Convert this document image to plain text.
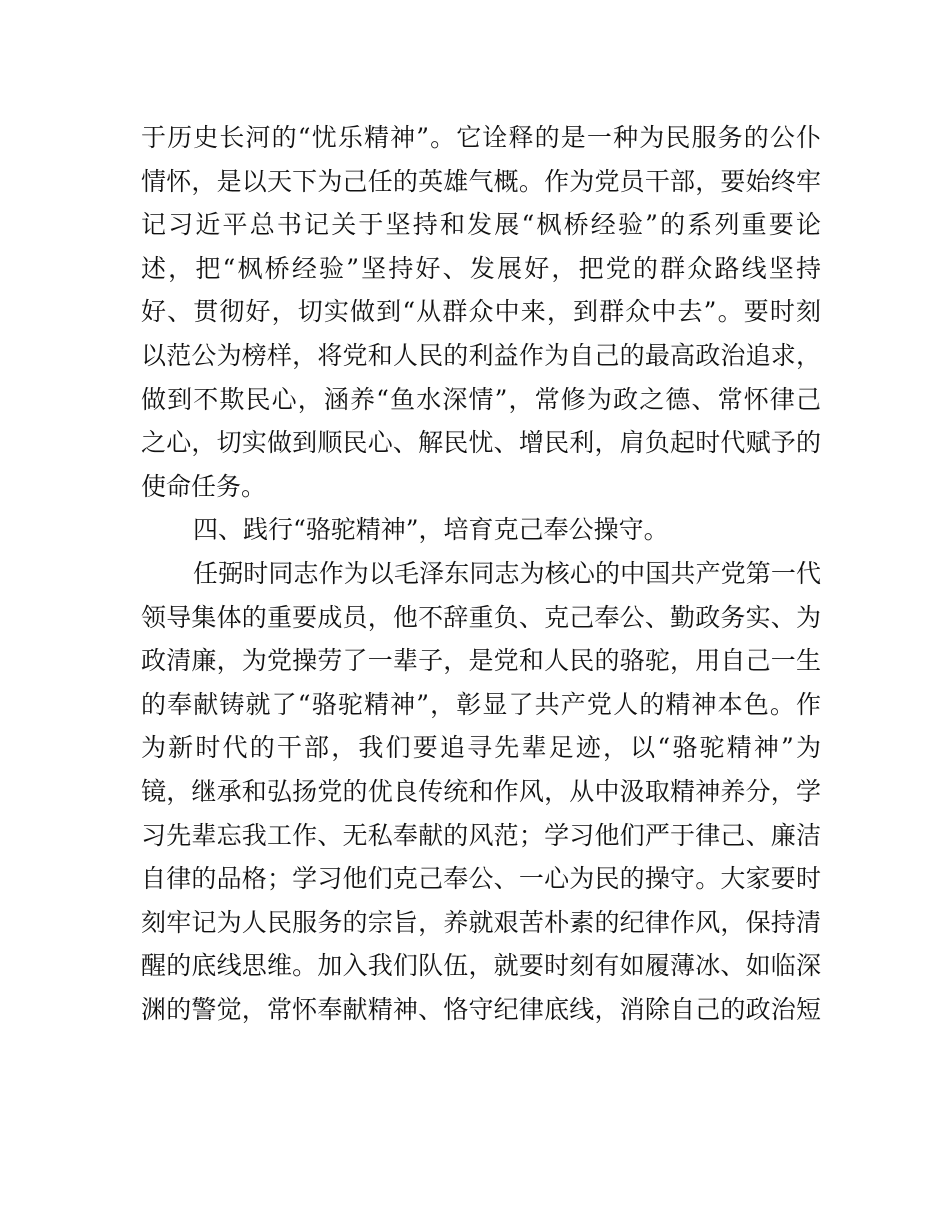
于历史长河的“忧乐精神”。它诠释的是一种为民服务的公仆
情怀，是以天下为己任的英雄气概。作为党员干部，要始终牢
记习近平总书记关于坚持和发展“枫桥经验”的系列重要论
述，把“枫桥经验”坚持好、发展好，把党的群众路线坚持
好、贯彻好，切实做到“从群众中来，到群众中去”。要时刻
以范公为榜样，将党和人民的利益作为自己的最高政治追求，
做到不欺民心，涵养“鱼水深情”，常修为政之德、常怀律己
之心，切实做到顺民心、解民忧、增民利，肩负起时代赋予的
使命任务。
四、践行“骆驼精神”，培育克己奉公操守。
任弼时同志作为以毛泽东同志为核心的中国共产党第一代
领导集体的重要成员，他不辞重负、克己奉公、勤政务实、为
政清廉，为党操劳了一辈子，是党和人民的骆驼，用自己一生
的奉献铸就了“骆驼精神”，彰显了共产党人的精神本色。作
为新时代的干部，我们要追寻先辈足迹，以“骆驼精神”为
镜，继承和弘扬党的优良传统和作风，从中汲取精神养分，学
习先辈忘我工作、无私奉献的风范；学习他们严于律己、廉洁
自律的品格；学习他们克己奉公、一心为民的操守。大家要时
刻牢记为人民服务的宗旨，养就艰苦朴素的纪律作风，保持清
醒的底线思维。加入我们队伍，就要时刻有如履薄冰、如临深
渊的警觉，常怀奉献精神、恪守纪律底线，消除自己的政治短
